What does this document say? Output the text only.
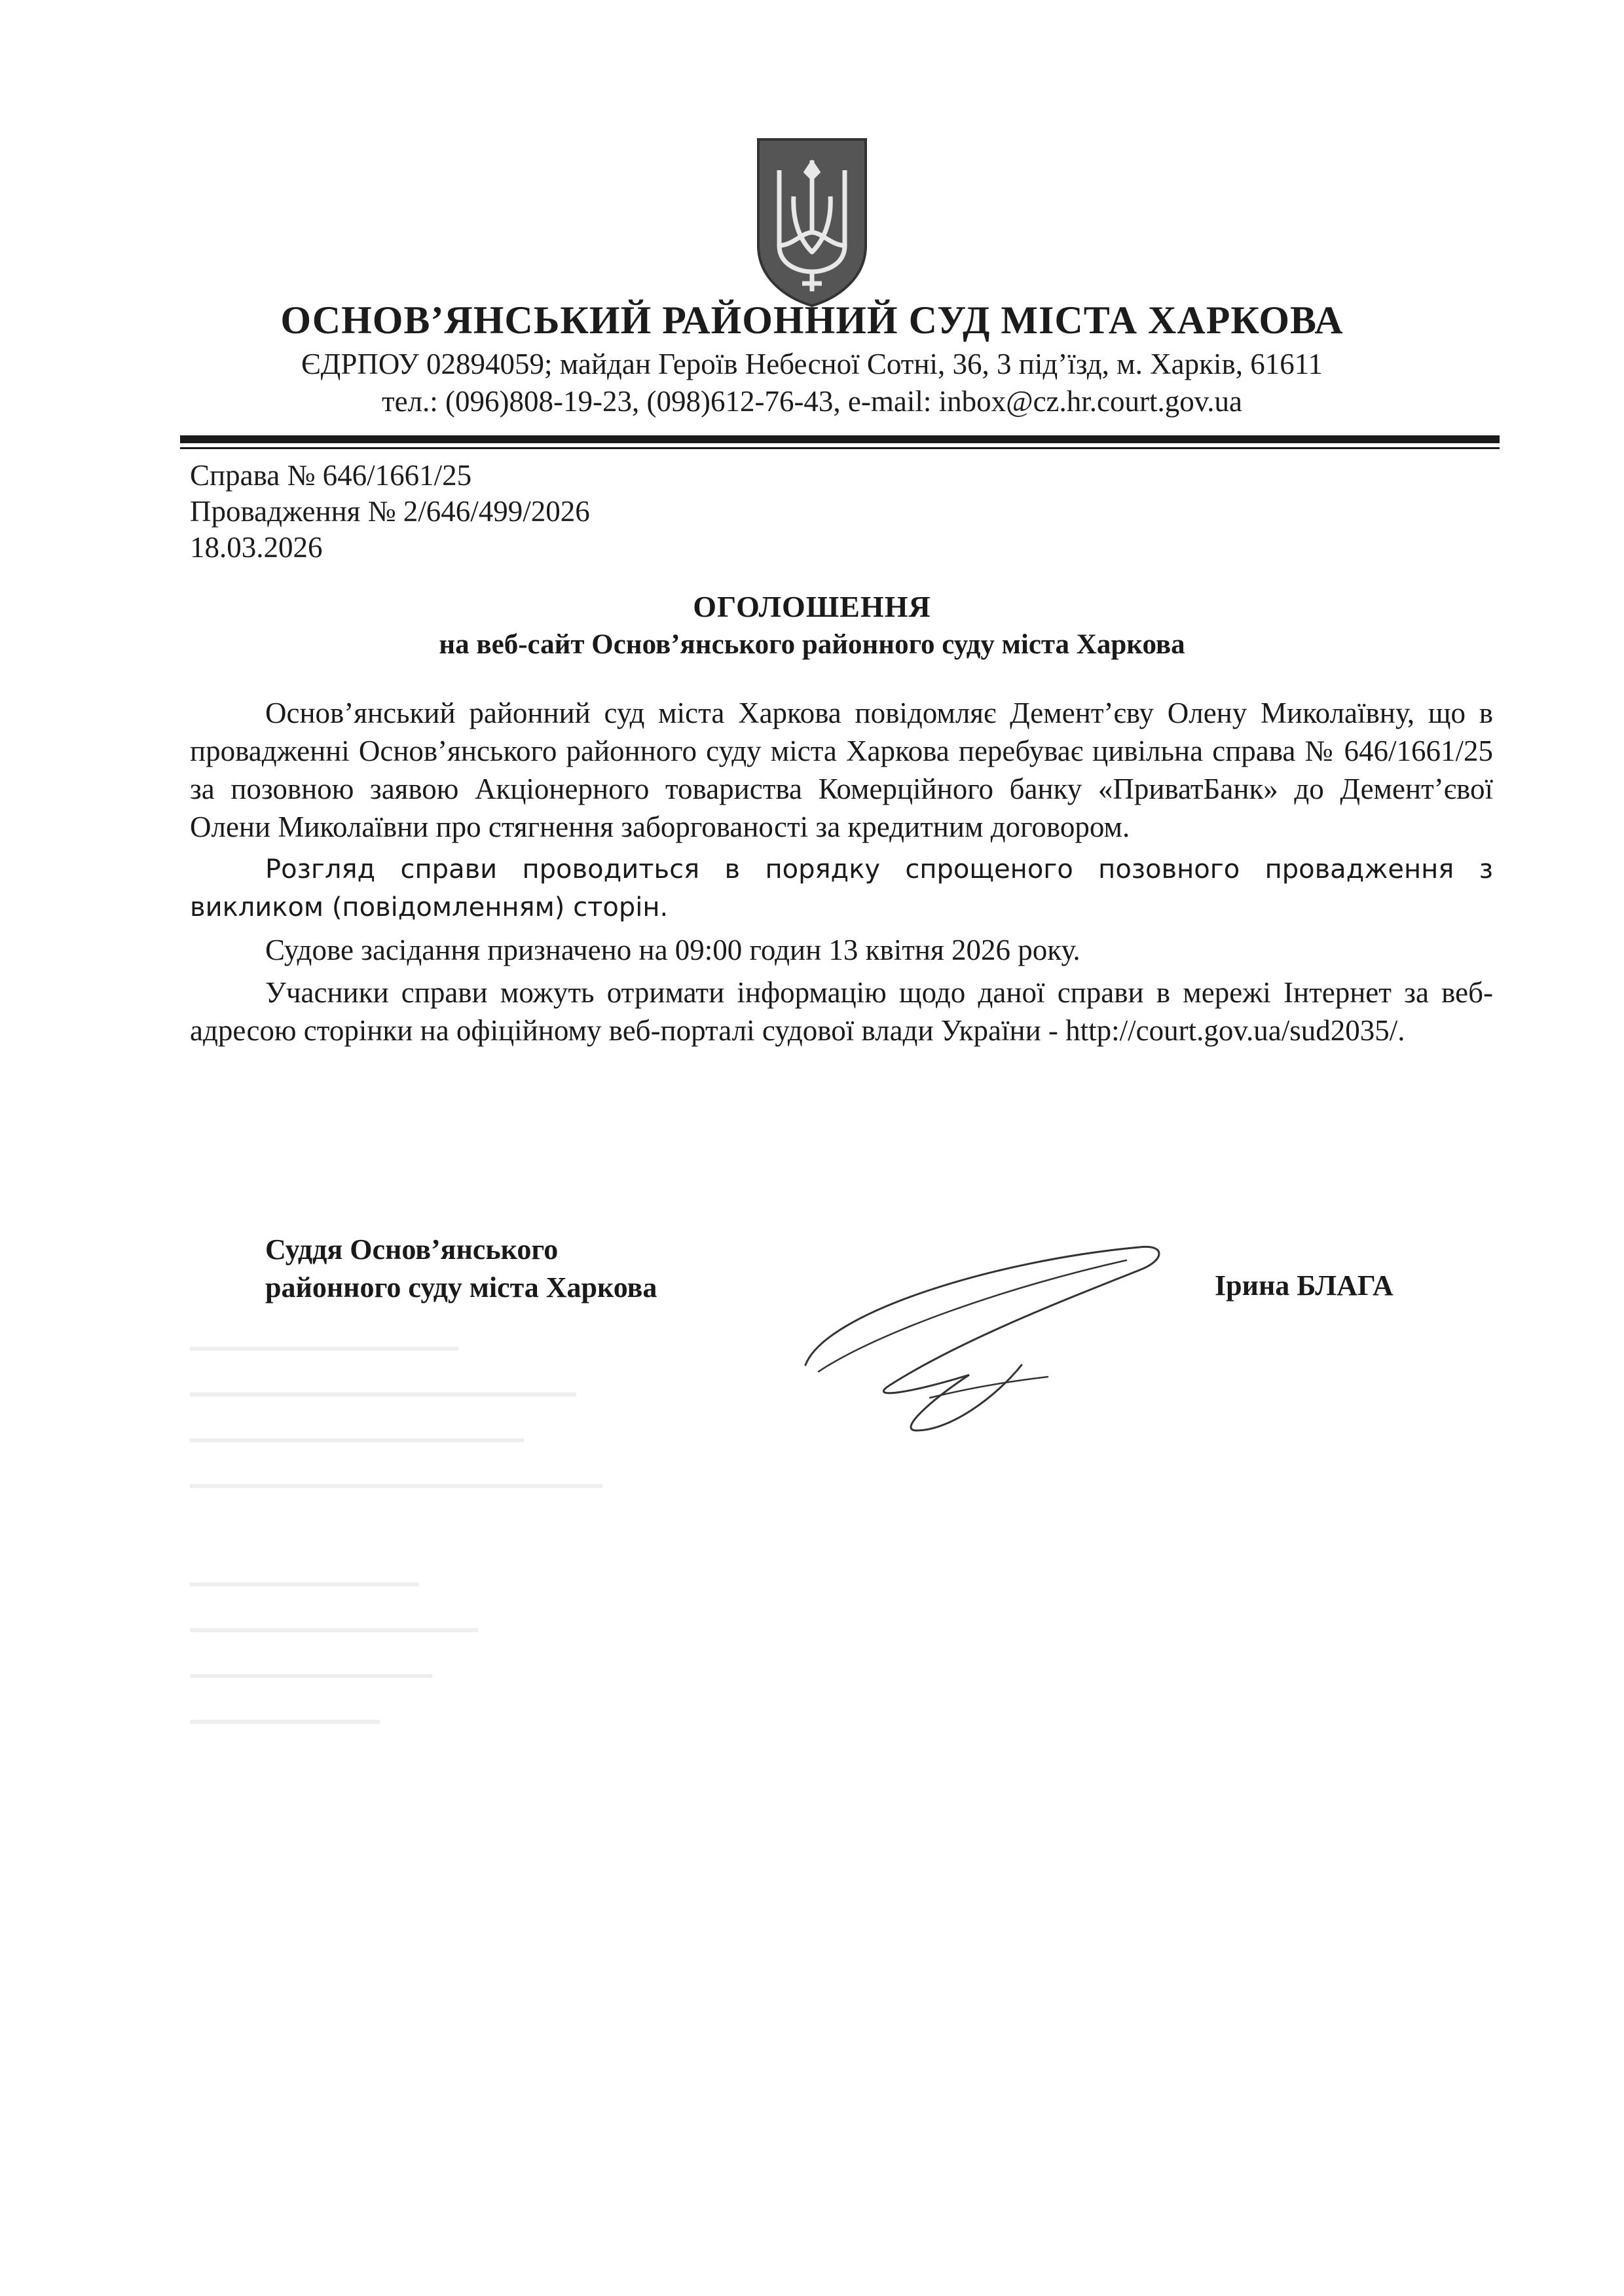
ОСНОВ’ЯНСЬКИЙ РАЙОННИЙ СУД МІСТА ХАРКОВА
ЄДРПОУ 02894059; майдан Героїв Небесної Сотні, 36, 3 під’їзд, м. Харків, 61611
тел.: (096)808-19-23, (098)612-76-43, e-mail: inbox@cz.hr.court.gov.ua
Справа № 646/1661/25
Провадження № 2/646/499/2026
18.03.2026
ОГОЛОШЕННЯ
на веб-сайт Основ’янського районного суду міста Харкова

Основ’янський районний суд міста Харкова повідомляє Дементʼєву Олену Миколаївну, що в провадженні Основ’янського районного суду міста Харкова перебуває цивільна справа № 646/1661/25 за позовною заявою Акціонерного товариства Комерційного банку «ПриватБанк» до Дементʼєвої Олени Миколаївни про стягнення заборгованості за кредитним договором.

Розгляд справи проводиться в порядку спрощеного позовного провадження з викликом (повідомленням) сторін.

Судове засідання призначено на 09:00 годин 13 квітня 2026 року.

Учасники справи можуть отримати інформацію щодо даної справи в мережі Інтернет за веб-адресою сторінки на офіційному веб-порталі судової влади України - http://court.gov.ua/sud2035/.

Суддя Основ’янського
районного суду міста Харкова	Ірина БЛАГА
